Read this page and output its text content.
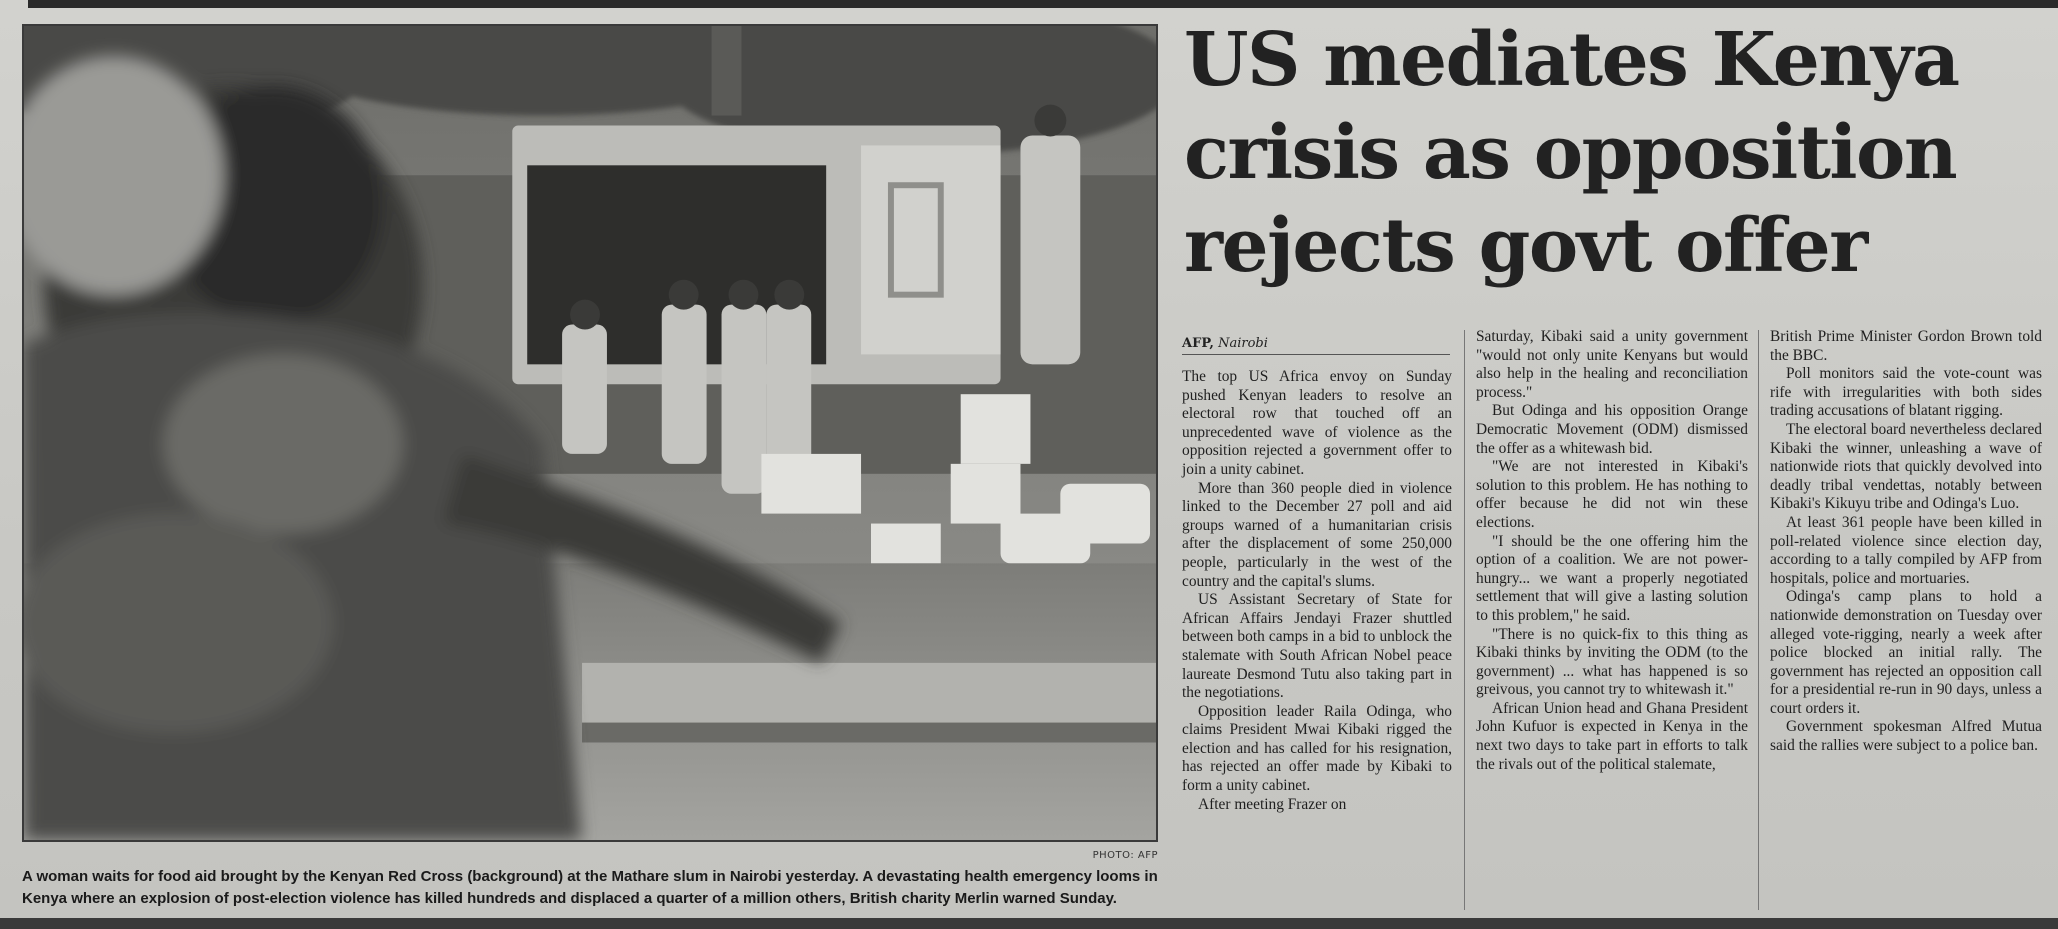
PHOTO: AFP
A woman waits for food aid brought by the Kenyan Red Cross (background) at the Mathare slum in Nairobi yesterday. A devastating health emergency looms in Kenya where an explosion of post-election violence has killed hundreds and displaced a quarter of a million others, British charity Merlin warned Sunday.
US mediates Kenya crisis as opposition rejects govt offer
AFP, Nairobi

The top US Africa envoy on Sunday pushed Kenyan leaders to resolve an electoral row that touched off an unprecedented wave of violence as the opposition rejected a government offer to join a unity cabinet.

More than 360 people died in violence linked to the December 27 poll and aid groups warned of a humanitarian crisis after the displacement of some 250,000 people, particularly in the west of the country and the capital's slums.

US Assistant Secretary of State for African Affairs Jendayi Frazer shuttled between both camps in a bid to unblock the stalemate with South African Nobel peace laureate Desmond Tutu also taking part in the negotiations.

Opposition leader Raila Odinga, who claims President Mwai Kibaki rigged the election and has called for his resignation, has rejected an offer made by Kibaki to form a unity cabinet.

After meeting Frazer on

Saturday, Kibaki said a unity government "would not only unite Kenyans but would also help in the healing and reconciliation process."

But Odinga and his opposition Orange Democratic Movement (ODM) dismissed the offer as a whitewash bid.

"We are not interested in Kibaki's solution to this problem. He has nothing to offer because he did not win these elections.

"I should be the one offering him the option of a coalition. We are not power-hungry... we want a properly negotiated settlement that will give a lasting solution to this problem," he said.

"There is no quick-fix to this thing as Kibaki thinks by inviting the ODM (to the government) ... what has happened is so greivous, you cannot try to whitewash it."

African Union head and Ghana President John Kufuor is expected in Kenya in the next two days to take part in efforts to talk the rivals out of the political stalemate,

British Prime Minister Gordon Brown told the BBC.

Poll monitors said the vote-count was rife with irregularities with both sides trading accusations of blatant rigging.

The electoral board nevertheless declared Kibaki the winner, unleashing a wave of nationwide riots that quickly devolved into deadly tribal vendettas, notably between Kibaki's Kikuyu tribe and Odinga's Luo.

At least 361 people have been killed in poll-related violence since election day, according to a tally compiled by AFP from hospitals, police and mortuaries.

Odinga's camp plans to hold a nationwide demonstration on Tuesday over alleged vote-rigging, nearly a week after police blocked an initial rally. The government has rejected an opposition call for a presidential re-run in 90 days, unless a court orders it.

Government spokesman Alfred Mutua said the rallies were subject to a police ban.
